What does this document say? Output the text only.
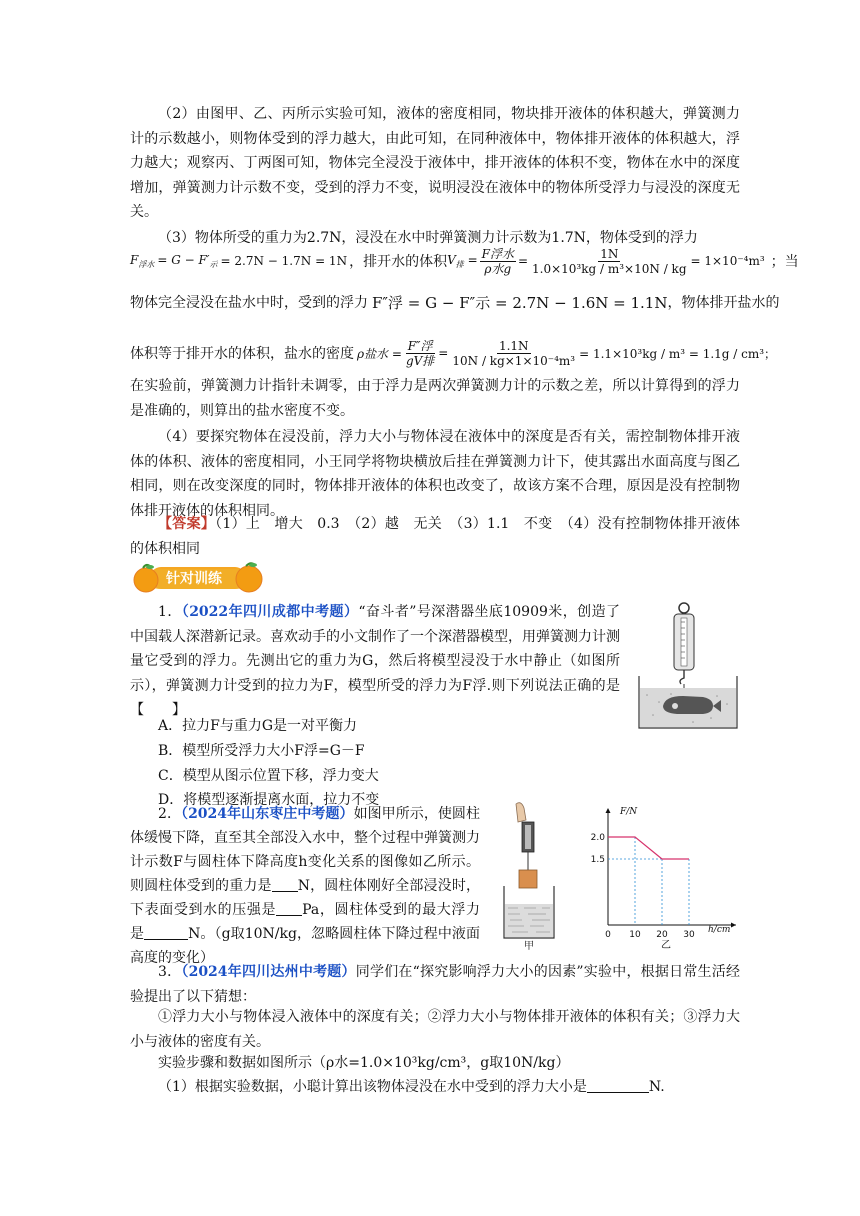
（2）由图甲、乙、丙所示实验可知，液体的密度相同，物块排开液体的体积越大，弹簧测力计的示数越小，则物体受到的浮力越大，由此可知，在同种液体中，物体排开液体的体积越大，浮力越大；观察丙、丁两图可知，物体完全浸没于液体中，排开液体的体积不变，物体在水中的深度增加，弹簧测力计示数不变，受到的浮力不变，说明浸没在液体中的物体所受浮力与浸没的深度无关。

（3）物体所受的重力为2.7N，浸没在水中时弹簧测力计示数为1.7N，物体受到的浮力

$F_{浮水} = G - F'_示 = 2.7N - 1.7N = 1N$ ，排开水的体积 $V_排 = \frac{\text{F浮水}}{\text{ρ水g}} = \frac{1N}{\text{1.0×10³kg / m³×10N / kg}} = 1\times 10^{-4}m^3$ ；当
物体完全浸没在盐水中时，受到的浮力 F″浮 = G − F″示 = 2.7N − 1.6N = 1.1N ，物体排开盐水的
体积等于排开水的体积，盐水的密度 ρ盐水 = $\frac{\text{F″浮}}{\text{gV排}} = \frac{1.1N}{\text{10N / kg×1×10⁻⁴m³}} = 1.1\times 10^3kg / m^3 = 1.1g / cm^3$；

在实验前，弹簧测力计指针未调零，由于浮力是两次弹簧测力计的示数之差，所以计算得到的浮力是准确的，则算出的盐水密度不变。

（4）要探究物体在浸没前，浮力大小与物体浸在液体中的深度是否有关，需控制物体排开液体的体积、液体的密度相同，小王同学将物块横放后挂在弹簧测力计下，使其露出水面高度与图乙相同，则在改变深度的同时，物体排开液体的体积也改变了，故该方案不合理，原因是没有控制物体排开液体的体积相同。

【答案】（1）上　增大　0.3　（2）越　无关　（3）1.1　不变　（4）没有控制物体排开液体的体积相同

针对训练

1．（2022年四川成都中考题）“奋斗者”号深潜器坐底10909米，创造了中国载人深潜新记录。喜欢动手的小文制作了一个深潜器模型，用弹簧测力计测量它受到的浮力。先测出它的重力为G，然后将模型浸没于水中静止（如图所示），弹簧测力计受到的拉力为F，模型所受的浮力为F浮.则下列说法正确的是【　　】

A．拉力F与重力G是一对平衡力
B．模型所受浮力大小F浮=G－F
C．模型从图示位置下移，浮力变大
D．将模型逐渐提离水面，拉力不变

2．（2024年山东枣庄中考题）如图甲所示，使圆柱体缓慢下降，直至其全部没入水中，整个过程中弹簧测力计示数F与圆柱体下降高度h变化关系的图像如乙所示。则圆柱体受到的重力是 N，圆柱体刚好全部浸没时，下表面受到水的压强是 Pa，圆柱体受到的最大浮力是	N。（g取10N/kg，忽略圆柱体下降过程中液面高度的变化）

甲
F/N
h/cm
乙
0 10 20 30
1.5
2.0

3．（2024年四川达州中考题）同学们在“探究影响浮力大小的因素”实验中，根据日常生活经验提出了以下猜想：

①浮力大小与物体浸入液体中的深度有关；②浮力大小与物体排开液体的体积有关；③浮力大小与液体的密度有关。

实验步骤和数据如图所示（ρ水=1.0×10³kg/cm³，g取10N/kg）

（1）根据实验数据，小聪计算出该物体浸没在水中受到的浮力大小是	N.
